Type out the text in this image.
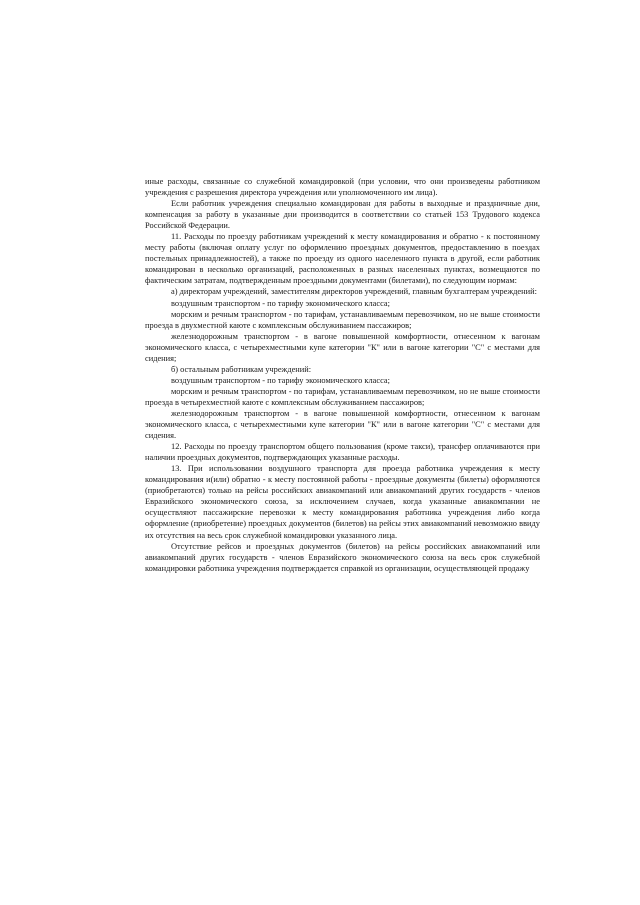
иные расходы, связанные со служебной командировкой (при условии, что они произведены работником учреждения с разрешения директора учреждения или уполномоченного им лица).

Если работник учреждения специально командирован для работы в выходные и праздничные дни, компенсация за работу в указанные дни производится в соответствии со статьей 153 Трудового кодекса Российской Федерации.

11. Расходы по проезду работникам учреждений к месту командирования и обратно - к постоянному месту работы (включая оплату услуг по оформлению проездных документов, предоставлению в поездах постельных принадлежностей), а также по проезду из одного населенного пункта в другой, если работник командирован в несколько организаций, расположенных в разных населенных пунктах, возмещаются по фактическим затратам, подтвержденным проездными документами (билетами), по следующим нормам:

а) директорам учреждений, заместителям директоров учреждений, главным бухгалтерам учреждений:

воздушным транспортом - по тарифу экономического класса;

морским и речным транспортом - по тарифам, устанавливаемым перевозчиком, но не выше стоимости проезда в двухместной каюте с комплексным обслуживанием пассажиров;

железнодорожным транспортом - в вагоне повышенной комфортности, отнесенном к вагонам экономического класса, с четырехместными купе категории "К" или в вагоне категории "С" с местами для сидения;

б) остальным работникам учреждений:

воздушным транспортом - по тарифу экономического класса;

морским и речным транспортом - по тарифам, устанавливаемым перевозчиком, но не выше стоимости проезда в четырехместной каюте с комплексным обслуживанием пассажиров;

железнодорожным транспортом - в вагоне повышенной комфортности, отнесенном к вагонам экономического класса, с четырехместными купе категории "К" или в вагоне категории "С" с местами для сидения.

12. Расходы по проезду транспортом общего пользования (кроме такси), трансфер оплачиваются при наличии проездных документов, подтверждающих указанные расходы.

13. При использовании воздушного транспорта для проезда работника учреждения к месту командирования и(или) обратно - к месту постоянной работы - проездные документы (билеты) оформляются (приобретаются) только на рейсы российских авиакомпаний или авиакомпаний других государств - членов Евразийского экономического союза, за исключением случаев, когда указанные авиакомпании не осуществляют пассажирские перевозки к месту командирования работника учреждения либо когда оформление (приобретение) проездных документов (билетов) на рейсы этих авиакомпаний невозможно ввиду их отсутствия на весь срок служебной командировки указанного лица.

Отсутствие рейсов и проездных документов (билетов) на рейсы российских авиакомпаний или авиакомпаний других государств - членов Евразийского экономического союза на весь срок служебной командировки работника учреждения подтверждается справкой из организации, осуществляющей продажу
